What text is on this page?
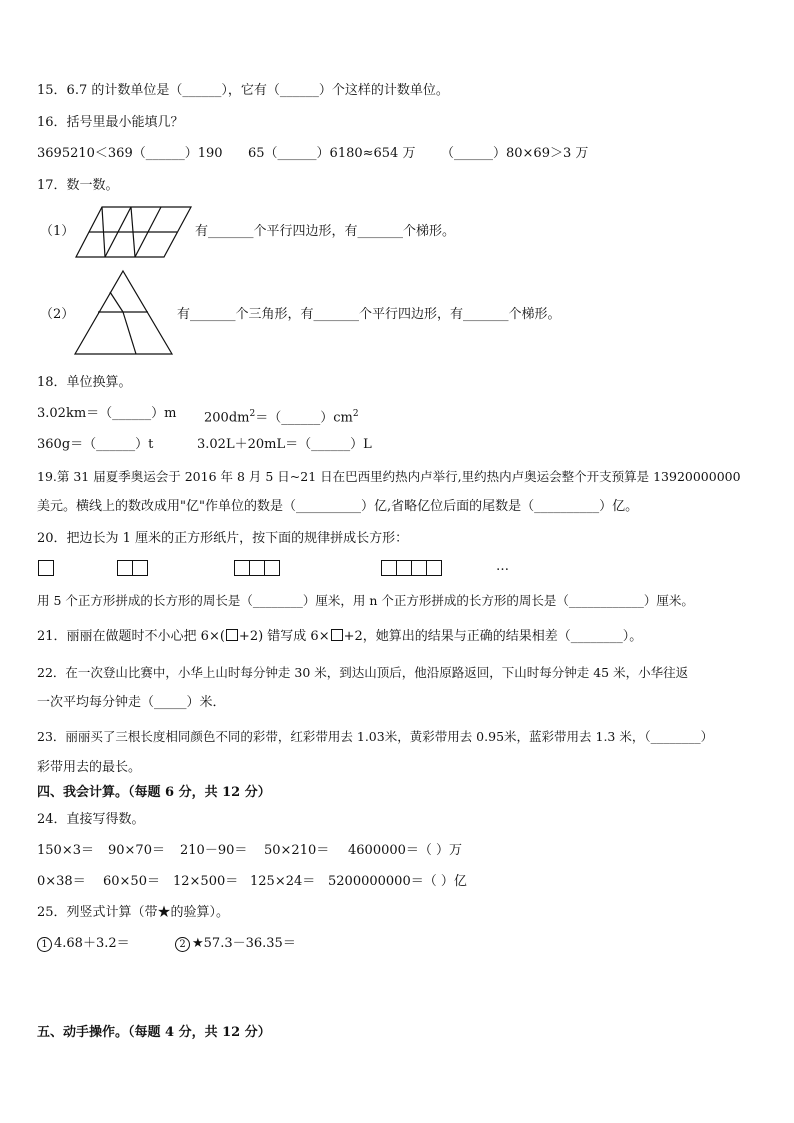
15．6.7 的计数单位是（______），它有（______）个这样的计数单位。
16．括号里最小能填几？
3695210＜369（______）190 65（______）6180≈654 万 （______）80×69＞3 万
17．数一数。
（1）	有_______个平行四边形，有_______个梯形。
（2）	有_______个三角形，有_______个平行四边形，有_______个梯形。
18．单位换算。
3.02km＝（______）m $200dm^2=(\_\_\_\_\_\_)cm^2$
360g＝（______）t	3.02L＋20mL＝（______）L
19.第 31 届夏季奥运会于 2016 年 8 月 5 日~21 日在巴西里约热内卢举行,里约热内卢奥运会整个开支预算是 13920000000
美元。横线上的数改成用"亿"作单位的数是（__________）亿,省略亿位后面的尾数是（__________）亿。
20．把边长为 1 厘米的正方形纸片，按下面的规律拼成长方形：
…
用 5 个正方形拼成的长方形的周长是（________）厘米，用 n 个正方形拼成的长方形的周长是（____________）厘米。
21．丽丽在做题时不小心把 6×( +2) 错写成 6× +2，她算出的结果与正确的结果相差（________）。
22．在一次登山比赛中，小华上山时每分钟走 30 米，到达山顶后，他沿原路返回，下山时每分钟走 45 米，小华往返
一次平均每分钟走（_____）米．
23．丽丽买了三根长度相同颜色不同的彩带，红彩带用去 1.03米，黄彩带用去 0.95米，蓝彩带用去 1.3 米，（________）
彩带用去的最长。
四、我会计算。（每题 6 分，共 12 分）
24．直接写得数。
150×3＝ 90×70＝ 210－90＝ 50×210＝ 4600000＝（ ）万
0×38＝ 60×50＝ 12×500＝ 125×24＝ 5200000000＝（ ）亿
25．列竖式计算（带★的验算）。
1 4.68＋3.2＝	2 ★57.3－36.35＝
五、动手操作。（每题 4 分，共 12 分）
